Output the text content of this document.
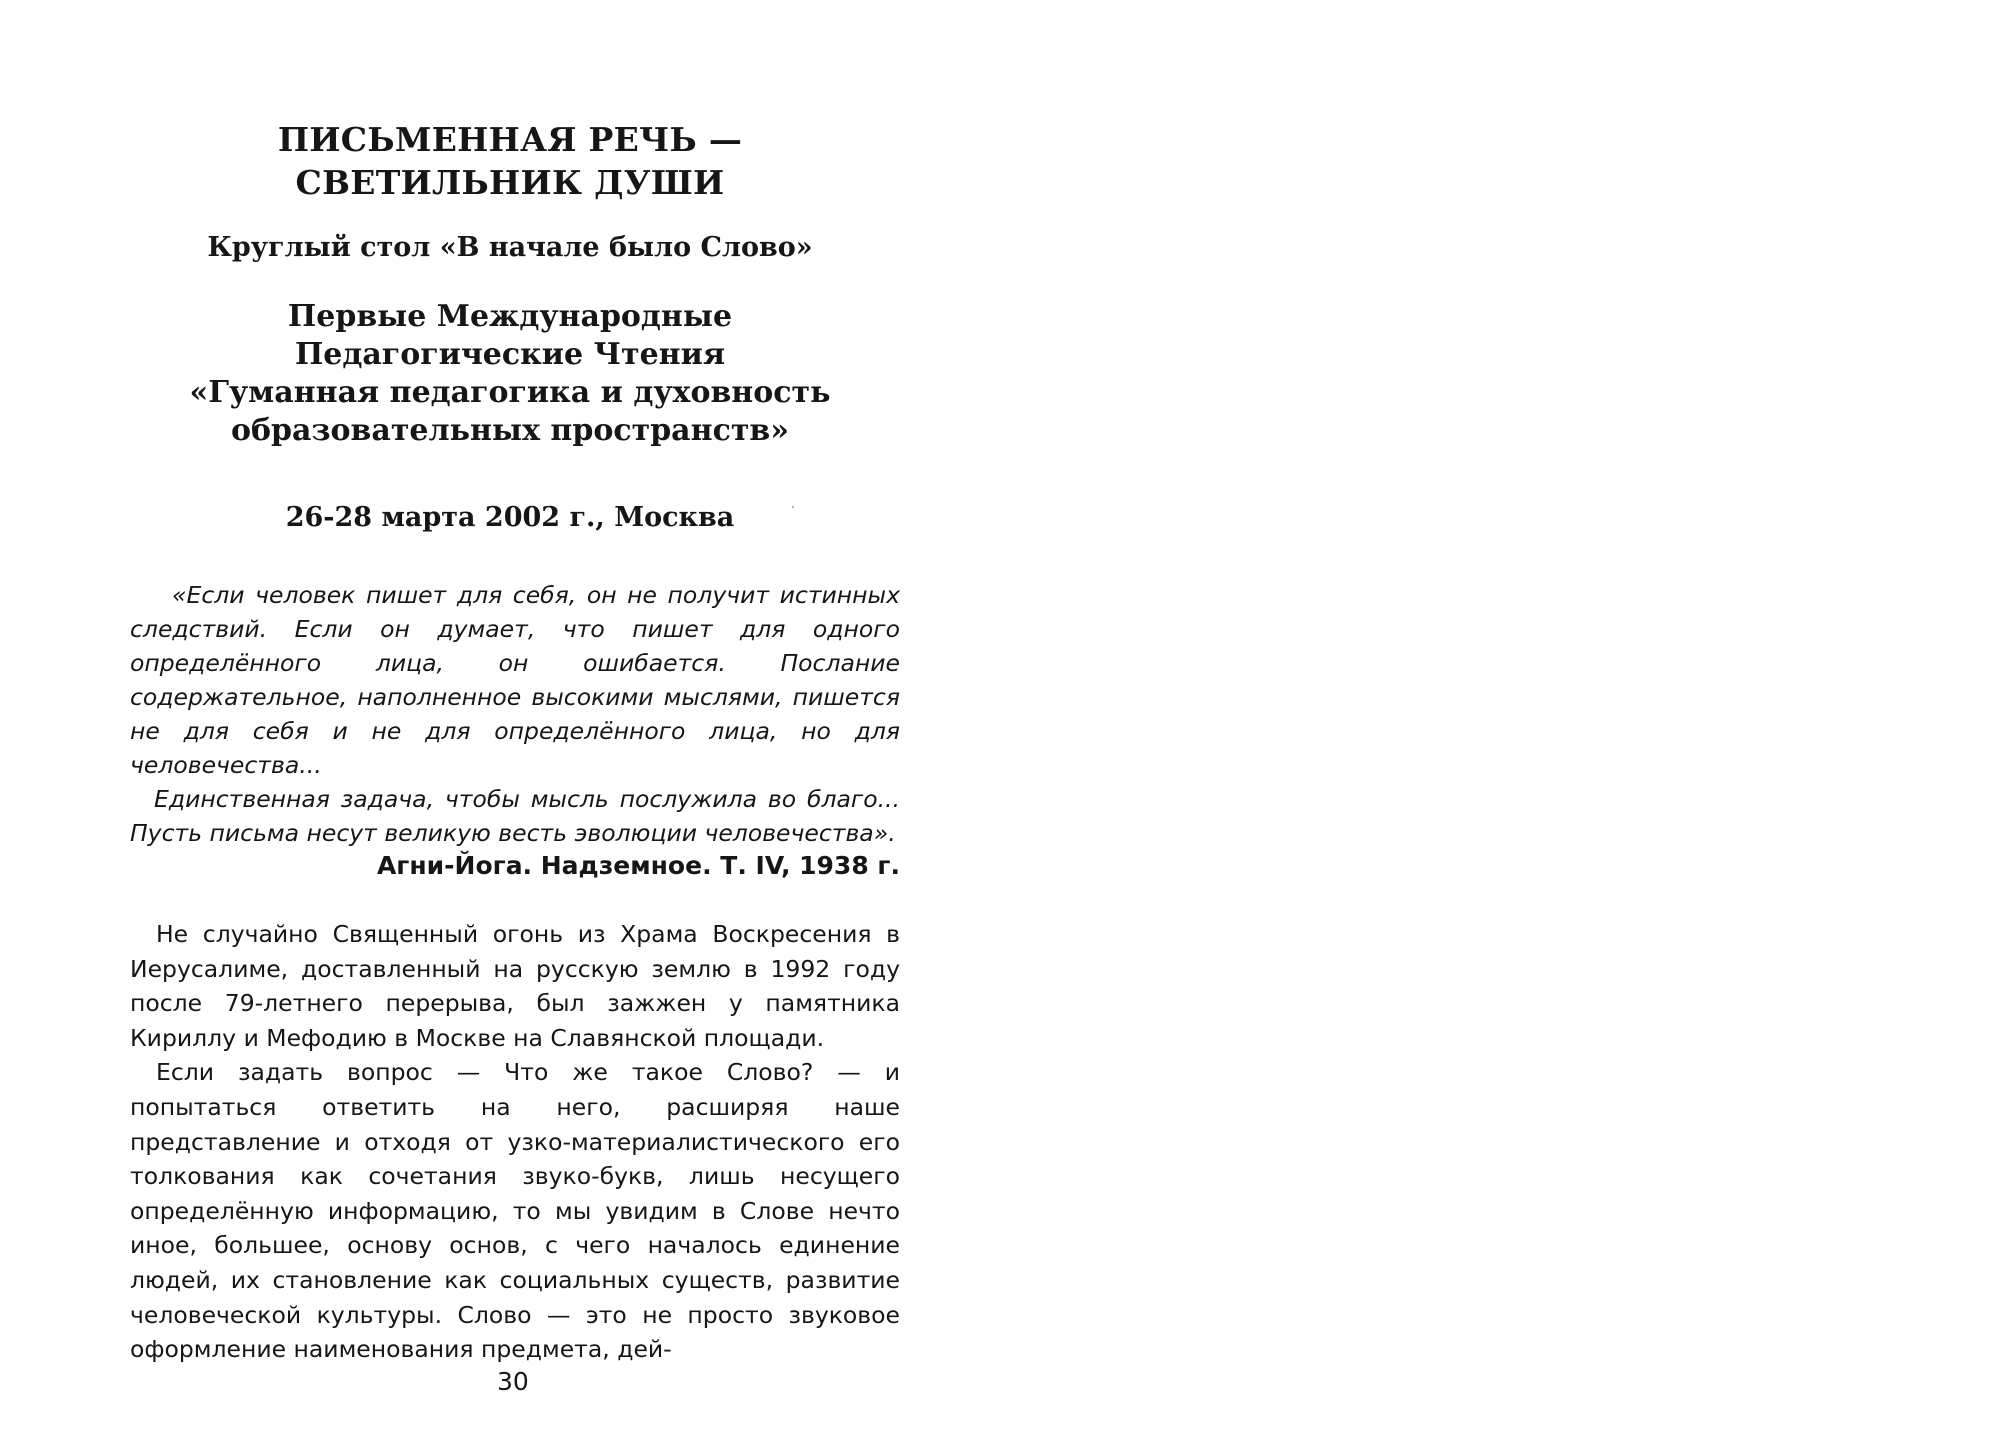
ПИСЬМЕННАЯ РЕЧЬ —
СВЕТИЛЬНИК ДУШИ
Круглый стол «В начале было Слово»
Первые Международные
Педагогические Чтения
«Гуманная педагогика и духовность
образовательных пространств»
26-28 марта 2002 г., Москва

«Если человек пишет для себя, он не получит истинных следствий. Если он думает, что пишет для одного определённого лица, он ошибается. Послание содержательное, наполненное высокими мыслями, пишется не для себя и не для определённого лица, но для человечества...

Единственная задача, чтобы мысль послужила во благо... Пусть письма несут великую весть эволюции человечества».

Агни-Йога. Надземное. Т. IV, 1938 г.

Не случайно Священный огонь из Храма Воскресения в Иерусалиме, доставленный на русскую землю в 1992 году после 79-летнего перерыва, был зажжен у памятника Кириллу и Мефодию в Москве на Славянской площади.

Если задать вопрос — Что же такое Слово? — и попытаться ответить на него, расширяя наше представление и отходя от узко-материалистического его толкования как сочетания звуко-букв, лишь несущего определённую информацию, то мы увидим в Слове нечто иное, большее, основу основ, с чего началось единение людей, их становление как социальных существ, развитие человеческой культуры. Слово — это не просто звуковое оформление наименования предмета, дей-

30
